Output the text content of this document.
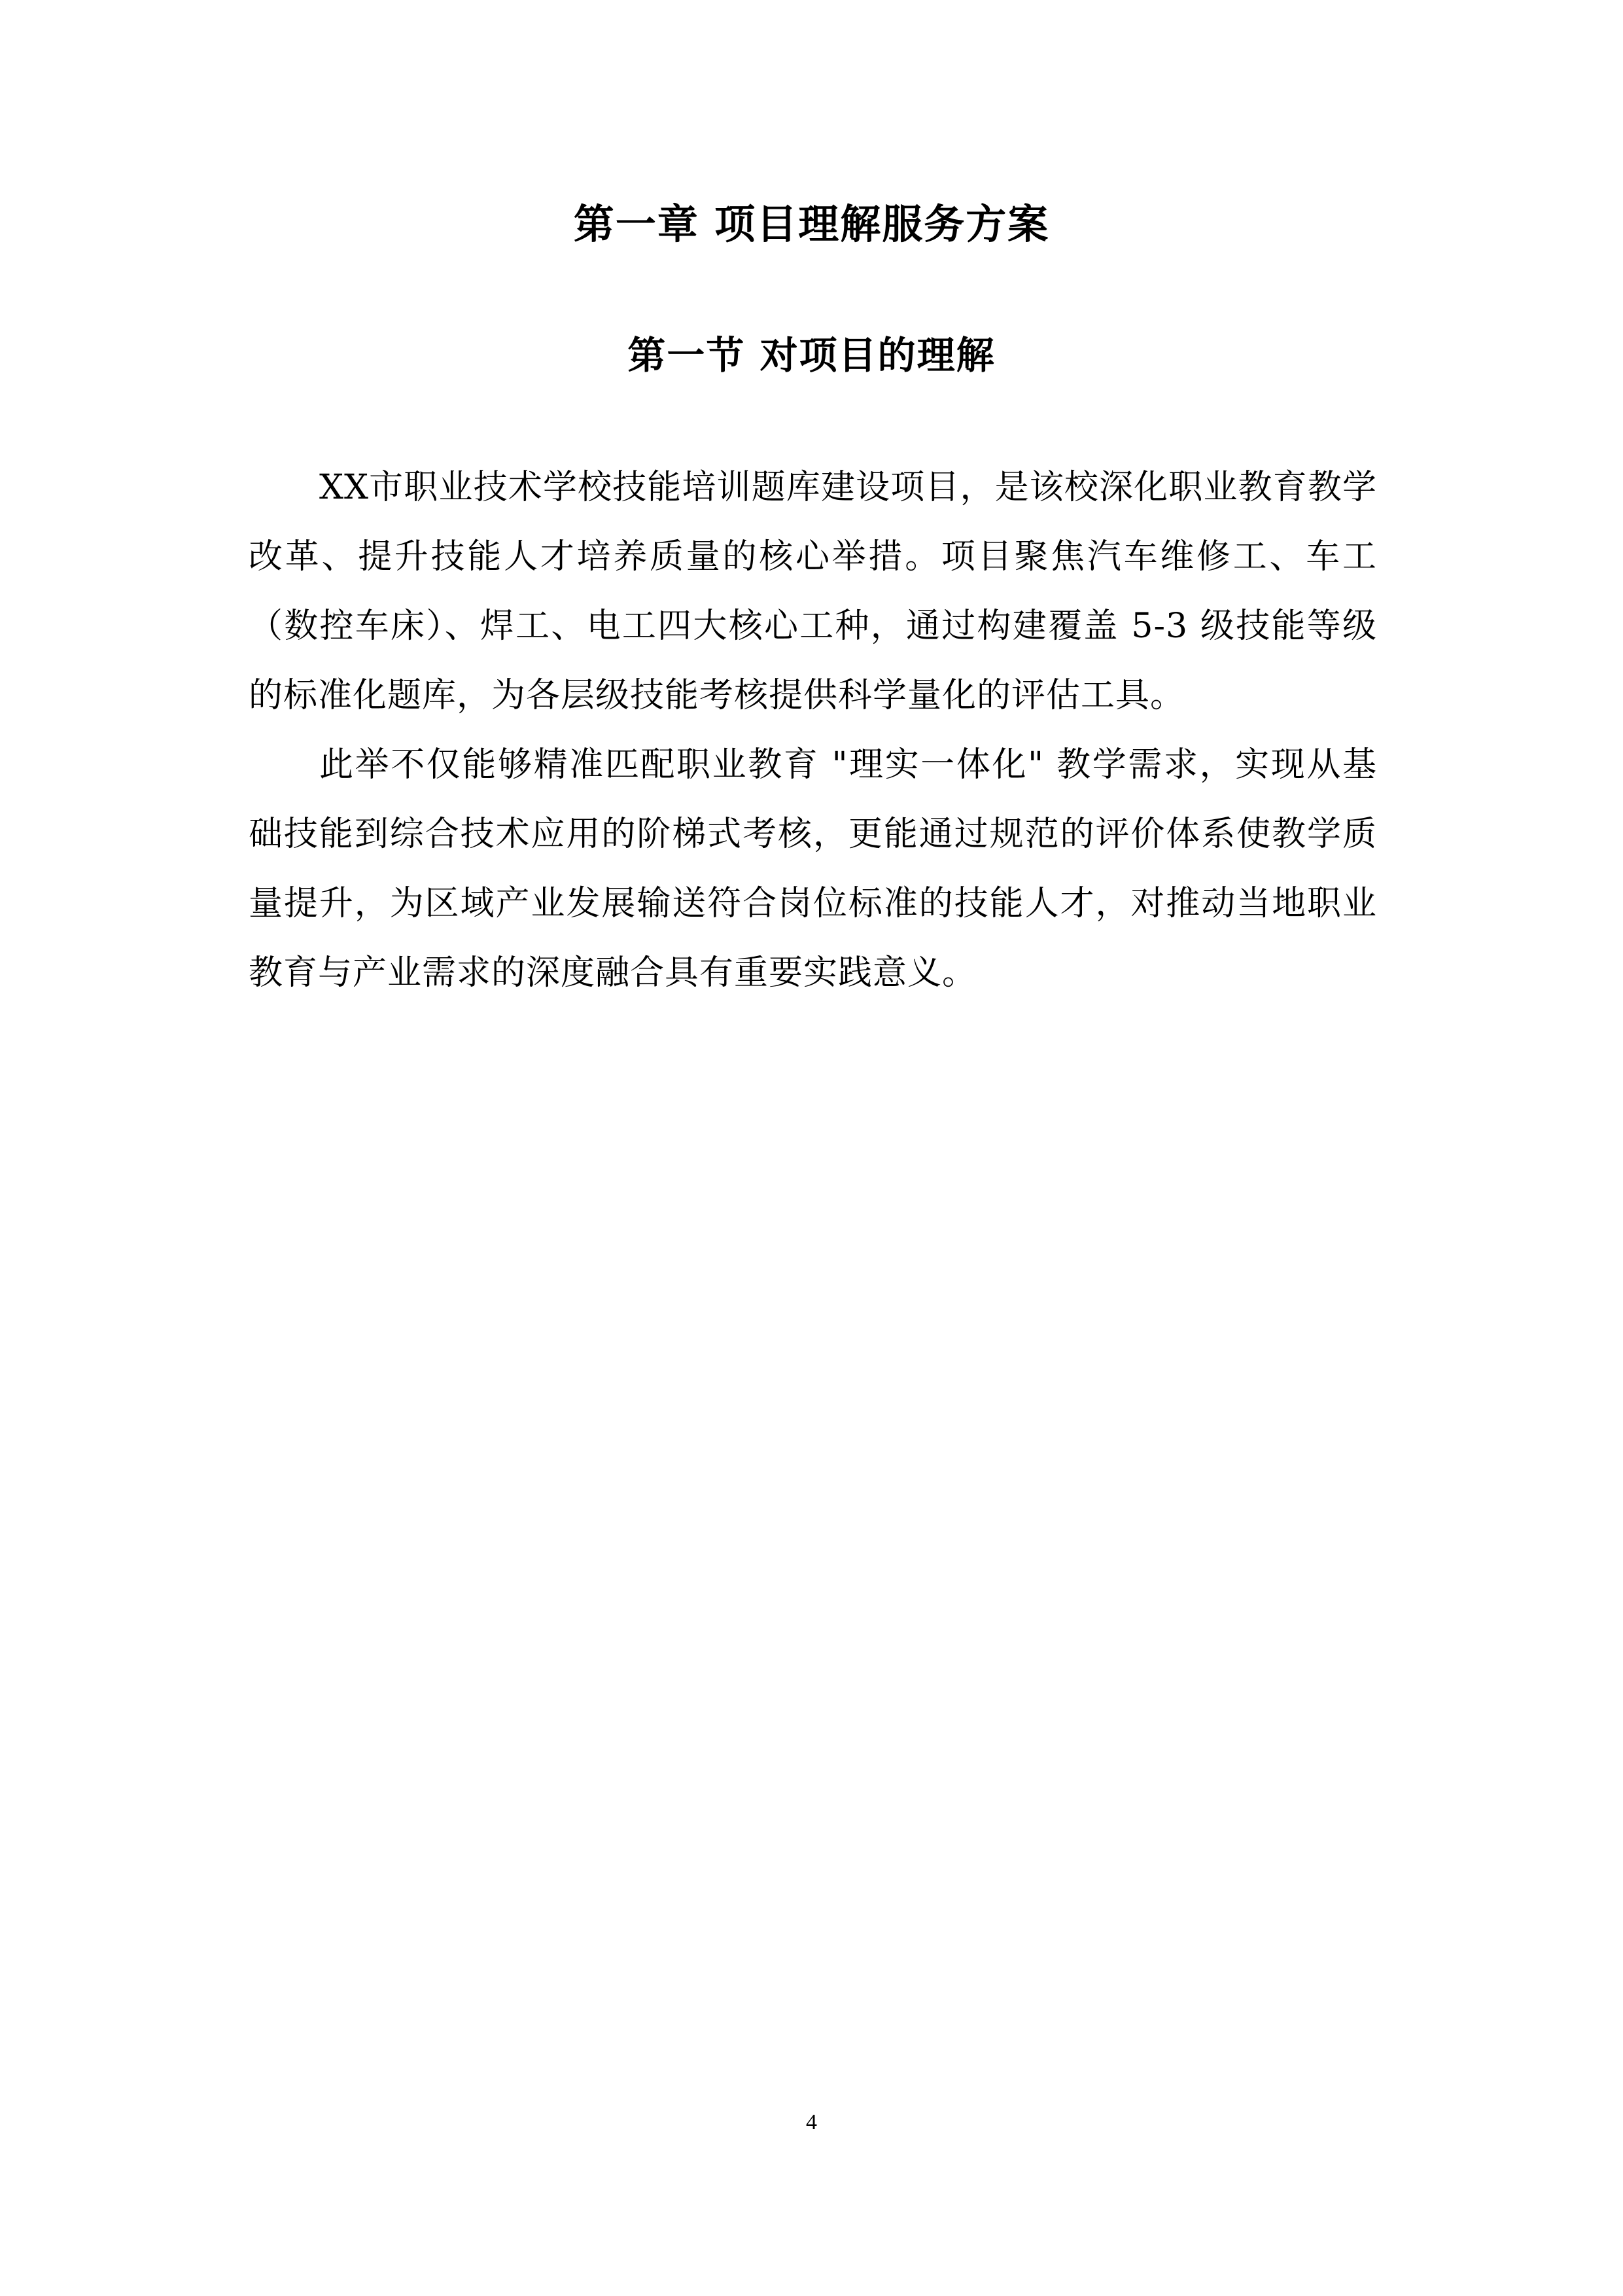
第一章 项目理解服务方案
第一节 对项目的理解

XX市职业技术学校技能培训题库建设项目，是该校深化职业教育教学改革、提升技能人才培养质量的核心举措。项目聚焦汽车维修工、车工（数控车床）、焊工、电工四大核心工种，通过构建覆盖 5-3 级技能等级的标准化题库，为各层级技能考核提供科学量化的评估工具。

此举不仅能够精准匹配职业教育 "理实一体化" 教学需求，实现从基础技能到综合技术应用的阶梯式考核，更能通过规范的评价体系使教学质量提升，为区域产业发展输送符合岗位标准的技能人才，对推动当地职业教育与产业需求的深度融合具有重要实践意义。

4
